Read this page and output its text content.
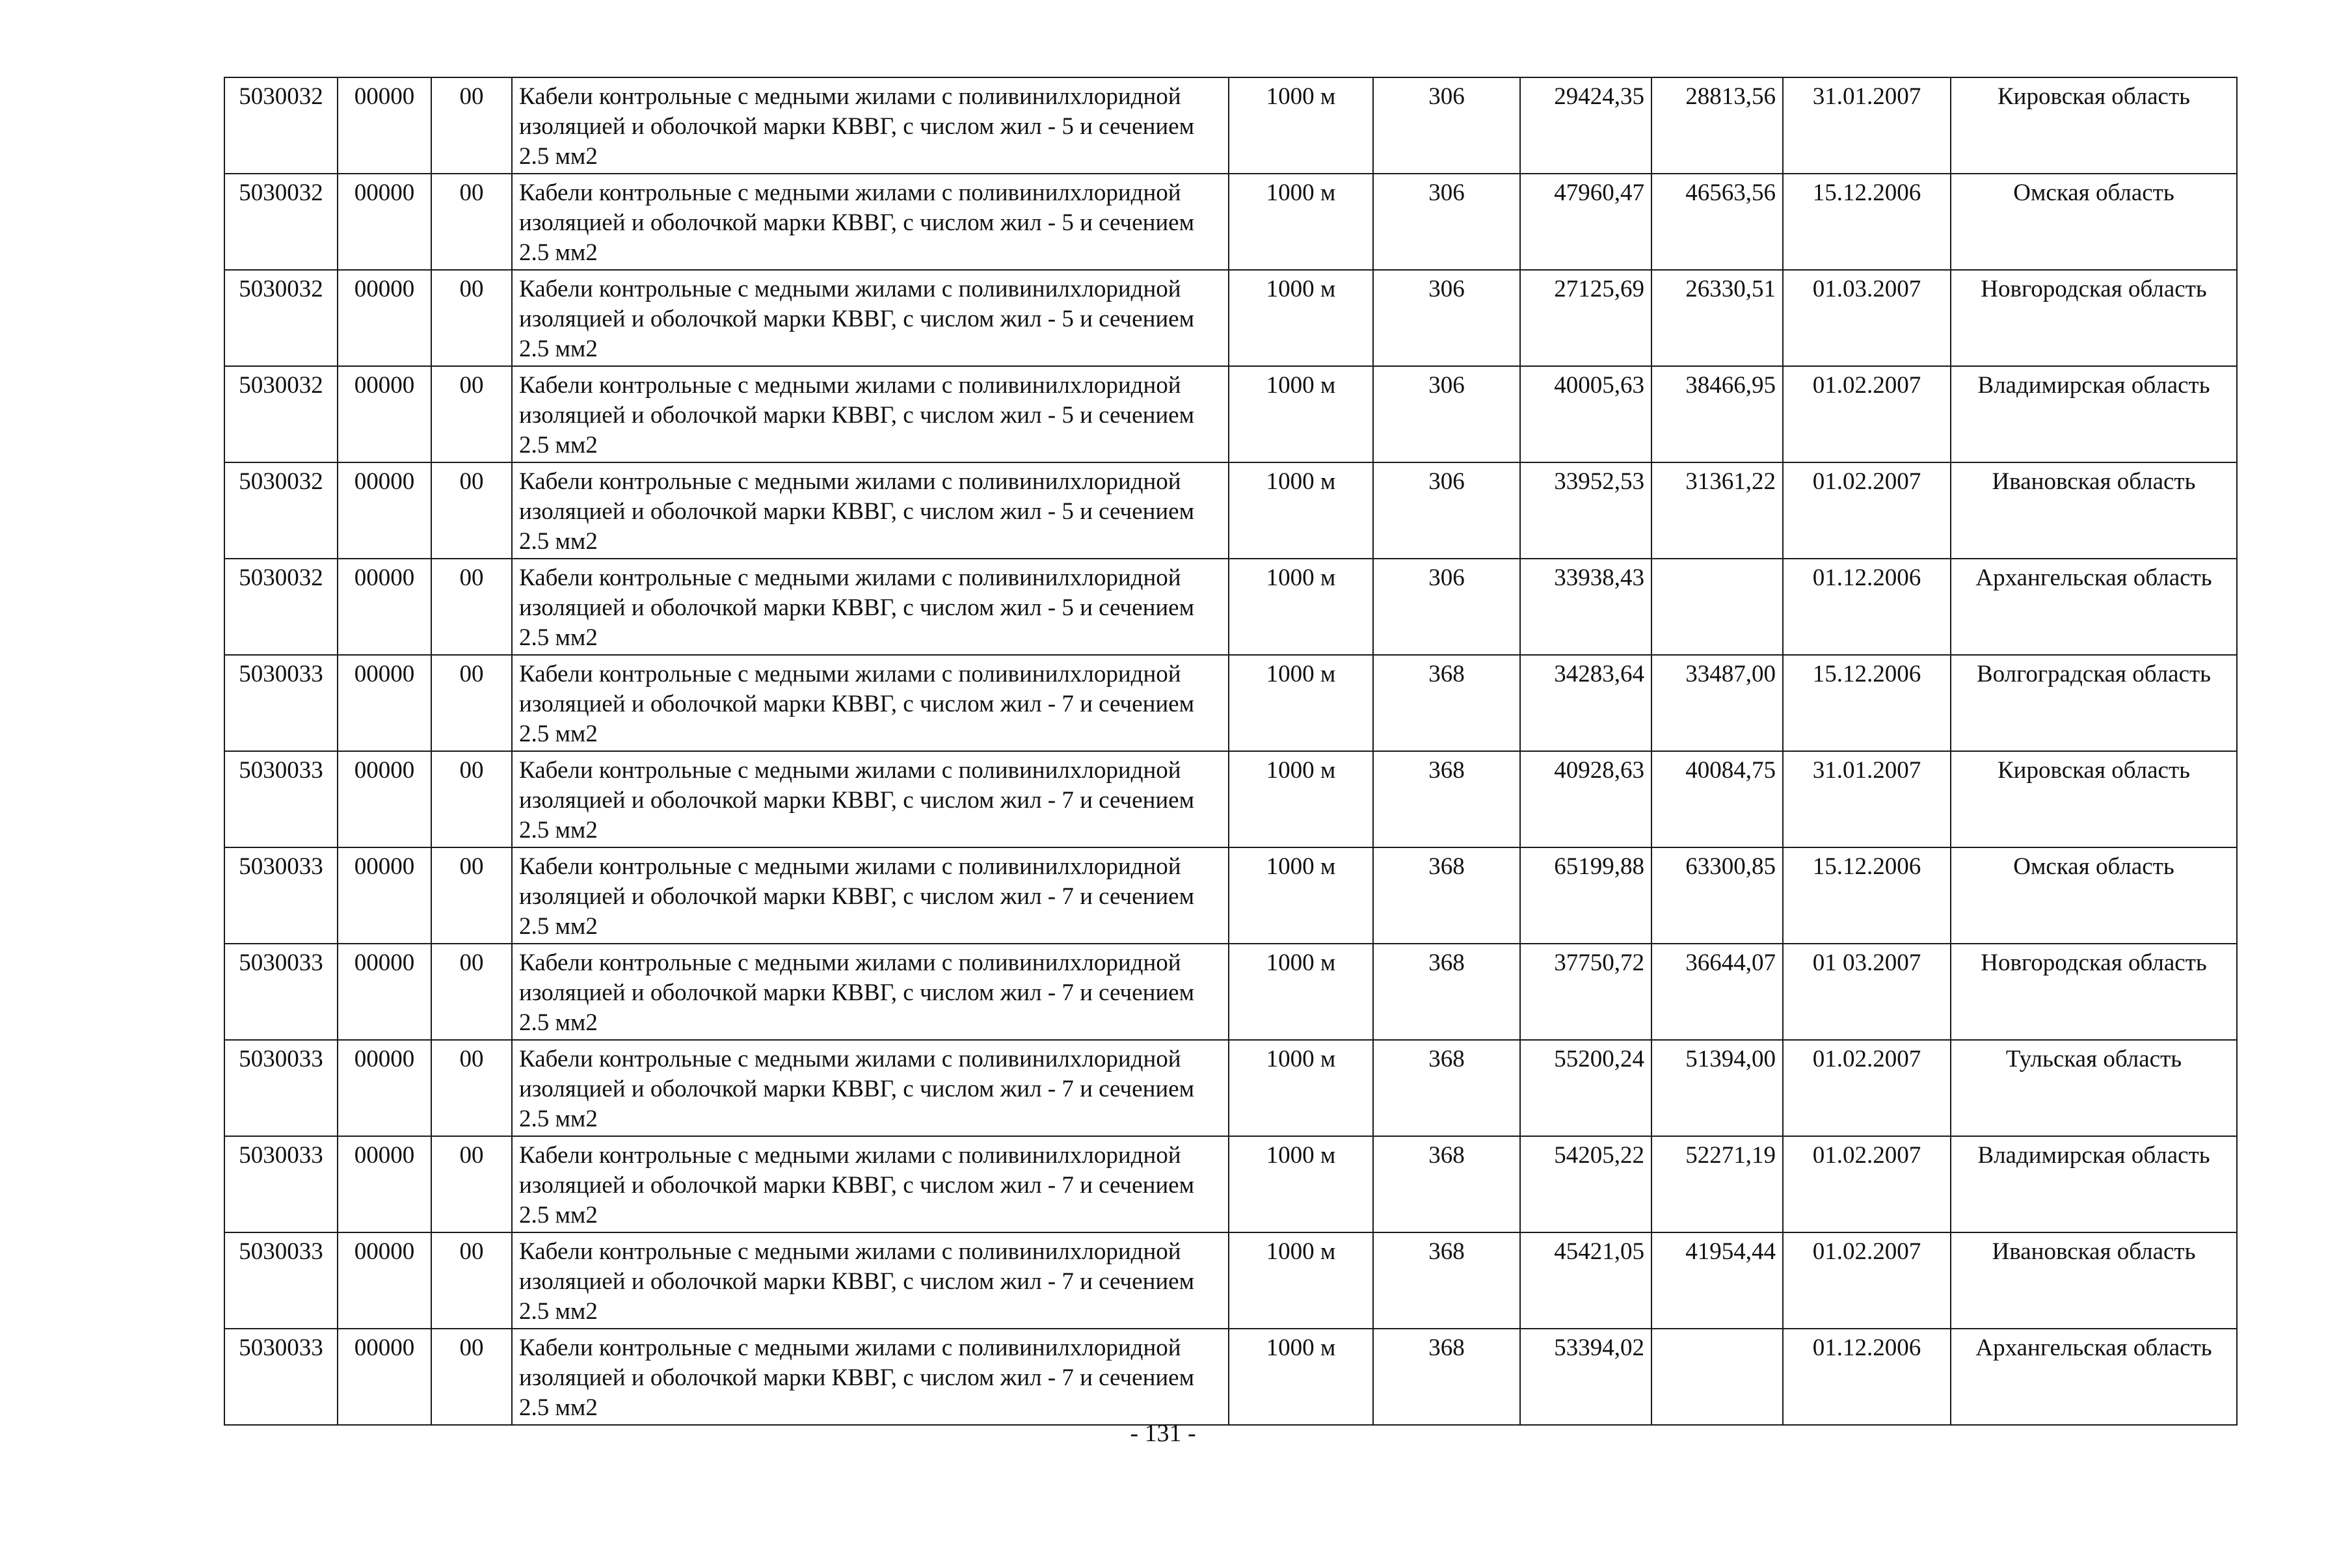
5030032	00000	00	Кабели контрольные с медными жилами с поливинилхлоридной изоляцией и оболочкой марки КВВГ, с числом жил - 5 и сечением 2.5 мм2	1000 м	306	29424,35	28813,56	31.01.2007	Кировская область
5030032	00000	00	Кабели контрольные с медными жилами с поливинилхлоридной изоляцией и оболочкой марки КВВГ, с числом жил - 5 и сечением 2.5 мм2	1000 м	306	47960,47	46563,56	15.12.2006	Омская область
5030032	00000	00	Кабели контрольные с медными жилами с поливинилхлоридной изоляцией и оболочкой марки КВВГ, с числом жил - 5 и сечением 2.5 мм2	1000 м	306	27125,69	26330,51	01.03.2007	Новгородская область
5030032	00000	00	Кабели контрольные с медными жилами с поливинилхлоридной изоляцией и оболочкой марки КВВГ, с числом жил - 5 и сечением 2.5 мм2	1000 м	306	40005,63	38466,95	01.02.2007	Владимирская область
5030032	00000	00	Кабели контрольные с медными жилами с поливинилхлоридной изоляцией и оболочкой марки КВВГ, с числом жил - 5 и сечением 2.5 мм2	1000 м	306	33952,53	31361,22	01.02.2007	Ивановская область
5030032	00000	00	Кабели контрольные с медными жилами с поливинилхлоридной изоляцией и оболочкой марки КВВГ, с числом жил - 5 и сечением 2.5 мм2	1000 м	306	33938,43		01.12.2006	Архангельская область
5030033	00000	00	Кабели контрольные с медными жилами с поливинилхлоридной изоляцией и оболочкой марки КВВГ, с числом жил - 7 и сечением 2.5 мм2	1000 м	368	34283,64	33487,00	15.12.2006	Волгоградская область
5030033	00000	00	Кабели контрольные с медными жилами с поливинилхлоридной изоляцией и оболочкой марки КВВГ, с числом жил - 7 и сечением 2.5 мм2	1000 м	368	40928,63	40084,75	31.01.2007	Кировская область
5030033	00000	00	Кабели контрольные с медными жилами с поливинилхлоридной изоляцией и оболочкой марки КВВГ, с числом жил - 7 и сечением 2.5 мм2	1000 м	368	65199,88	63300,85	15.12.2006	Омская область
5030033	00000	00	Кабели контрольные с медными жилами с поливинилхлоридной изоляцией и оболочкой марки КВВГ, с числом жил - 7 и сечением 2.5 мм2	1000 м	368	37750,72	36644,07	01 03.2007	Новгородская область
5030033	00000	00	Кабели контрольные с медными жилами с поливинилхлоридной изоляцией и оболочкой марки КВВГ, с числом жил - 7 и сечением 2.5 мм2	1000 м	368	55200,24	51394,00	01.02.2007	Тульская область
5030033	00000	00	Кабели контрольные с медными жилами с поливинилхлоридной изоляцией и оболочкой марки КВВГ, с числом жил - 7 и сечением 2.5 мм2	1000 м	368	54205,22	52271,19	01.02.2007	Владимирская область
5030033	00000	00	Кабели контрольные с медными жилами с поливинилхлоридной изоляцией и оболочкой марки КВВГ, с числом жил - 7 и сечением 2.5 мм2	1000 м	368	45421,05	41954,44	01.02.2007	Ивановская область
5030033	00000	00	Кабели контрольные с медными жилами с поливинилхлоридной изоляцией и оболочкой марки КВВГ, с числом жил - 7 и сечением 2.5 мм2	1000 м	368	53394,02		01.12.2006	Архангельская область
- 131 -
